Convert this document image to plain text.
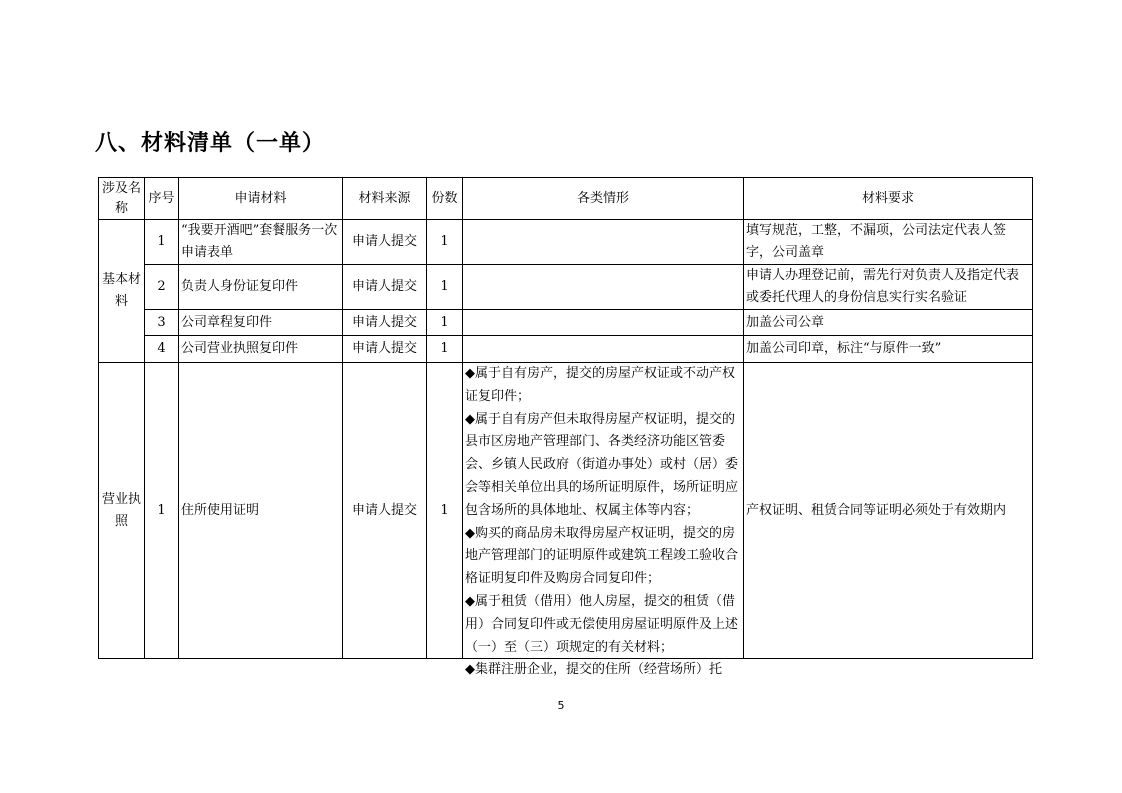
八、材料清单（一单）
涉及名称	序号	申请材料	材料来源	份数	各类情形	材料要求
基本材料	1	“我要开酒吧”套餐服务一次申请表单	申请人提交	1		填写规范，工整，不漏项，公司法定代表人签字，公司盖章
	2	负责人身份证复印件	申请人提交	1		申请人办理登记前，需先行对负责人及指定代表或委托代理人的身份信息实行实名验证
	3	公司章程复印件	申请人提交	1		加盖公司公章
	4	公司营业执照复印件	申请人提交	1		加盖公司印章，标注“与原件一致”
营业执照	1	住所使用证明	申请人提交	1	◆属于自有房产，提交的房屋产权证或不动产权证复印件；
◆属于自有房产但未取得房屋产权证明，提交的县市区房地产管理部门、各类经济功能区管委会、乡镇人民政府（街道办事处）或村（居）委会等相关单位出具的场所证明原件，场所证明应包含场所的具体地址、权属主体等内容；
◆购买的商品房未取得房屋产权证明，提交的房地产管理部门的证明原件或建筑工程竣工验收合格证明复印件及购房合同复印件；
◆属于租赁（借用）他人房屋，提交的租赁（借用）合同复印件或无偿使用房屋证明原件及上述（一）至（三）项规定的有关材料；
◆集群注册企业，提交的住所（经营场所）托	产权证明、租赁合同等证明必须处于有效期内
5
